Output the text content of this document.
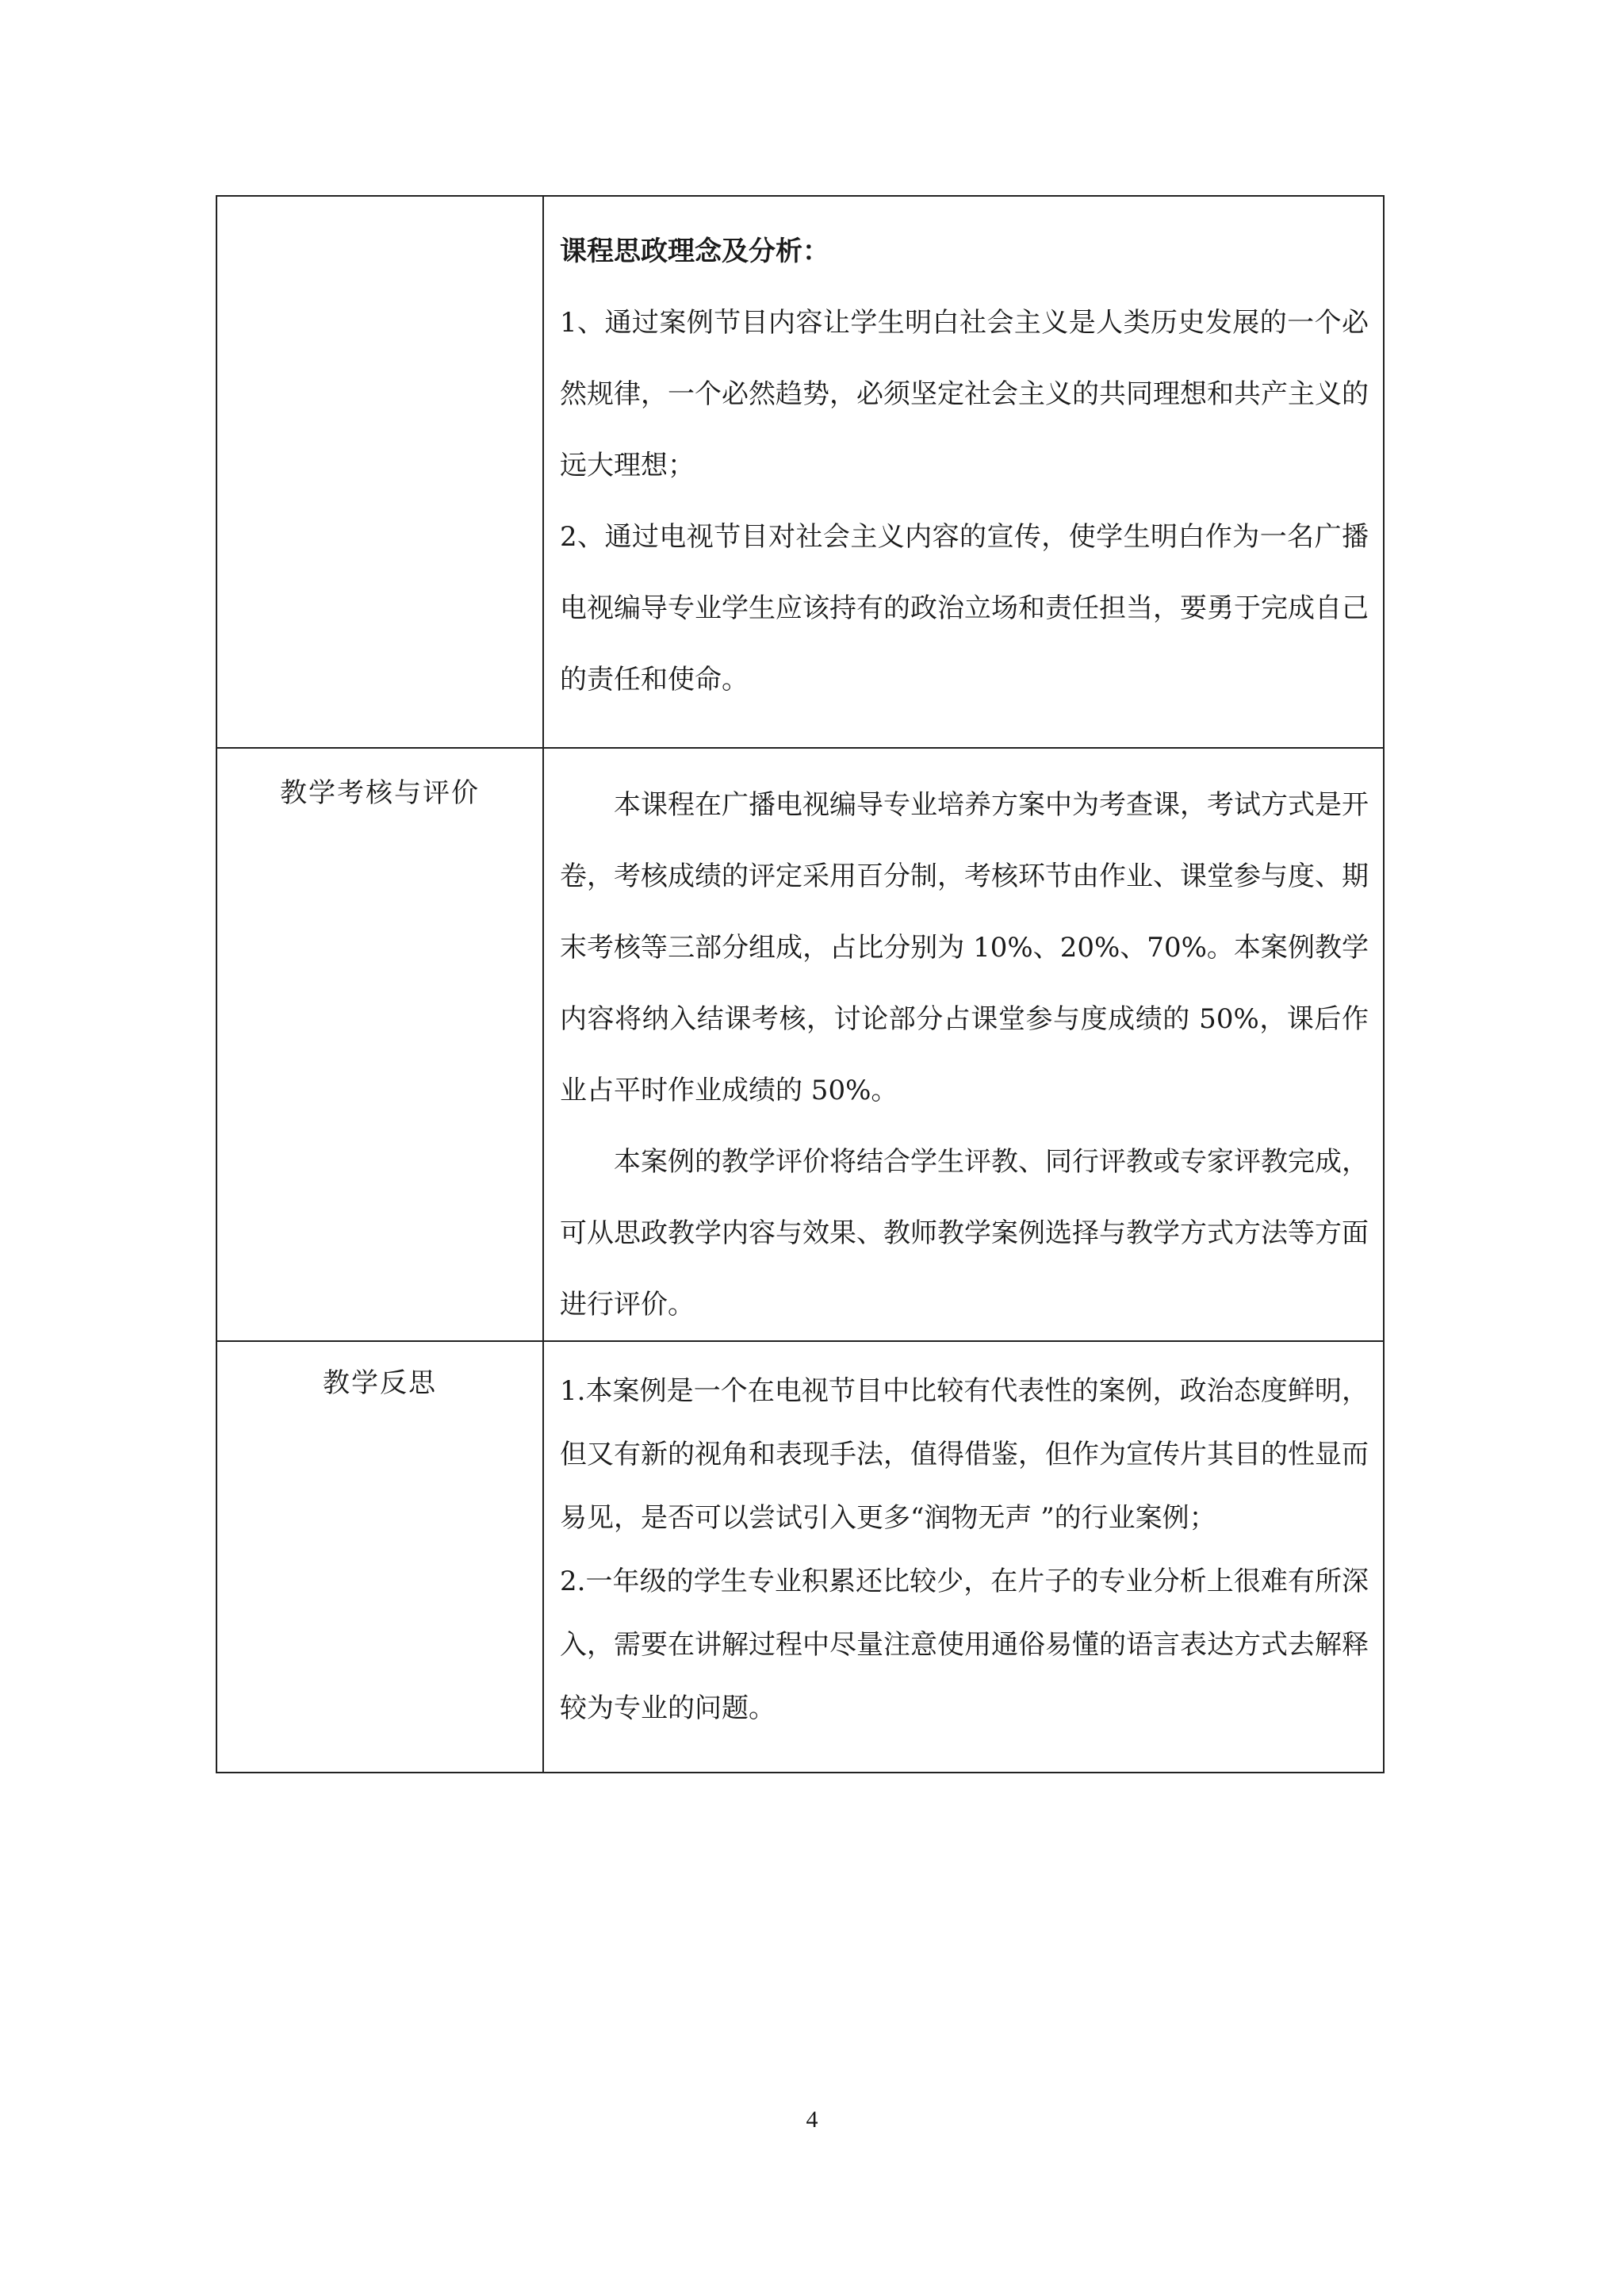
	课程思政理念及分析：

1、通过案例节目内容让学生明白社会主义是人类历史发展的一个必然规律，一个必然趋势，必须坚定社会主义的共同理想和共产主义的远大理想；

2、通过电视节目对社会主义内容的宣传，使学生明白作为一名广播电视编导专业学生应该持有的政治立场和责任担当，要勇于完成自己的责任和使命。

教学考核与评价	本课程在广播电视编导专业培养方案中为考查课，考试方式是开卷，考核成绩的评定采用百分制，考核环节由作业、课堂参与度、期末考核等三部分组成，占比分别为 10%、20%、70%。本案例教学内容将纳入结课考核，讨论部分占课堂参与度成绩的 50%，课后作业占平时作业成绩的 50%。

本案例的教学评价将结合学生评教、同行评教或专家评教完成，可从思政教学内容与效果、教师教学案例选择与教学方式方法等方面进行评价。

教学反思	1.本案例是一个在电视节目中比较有代表性的案例，政治态度鲜明，但又有新的视角和表现手法，值得借鉴，但作为宣传片其目的性显而易见，是否可以尝试引入更多“润物无声 ”的行业案例；

2.一年级的学生专业积累还比较少，在片子的专业分析上很难有所深入，需要在讲解过程中尽量注意使用通俗易懂的语言表达方式去解释较为专业的问题。

4
